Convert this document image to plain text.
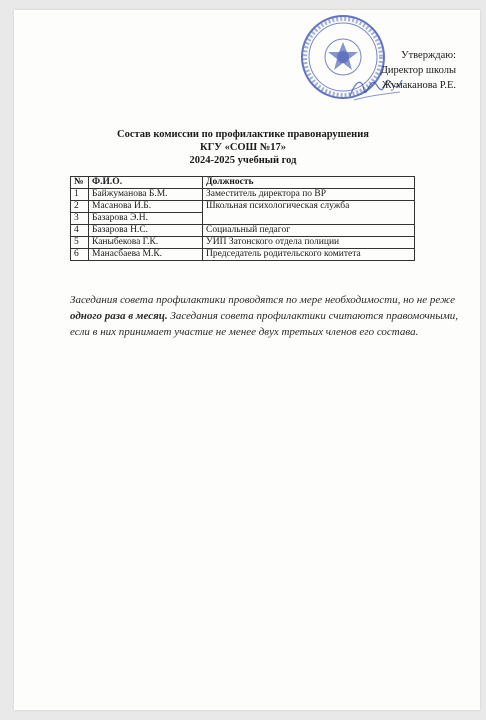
Утверждаю:
Директор школы
Жумаканова Р.Е.
Состав комиссии по профилактике правонарушения
КГУ «СОШ №17»
2024-2025 учебный год
№	Ф.И.О.	Должность
1	Байжуманова Б.М.	Заместитель директора по ВР
2	Масанова И.Б.	Школьная психологическая служба
3	Базарова Э.Н.	
4	Базарова Н.С.	Социальный педагог
5	Каныбекова Г.К.	УИП Затонского отдела полиции
6	Манасбаева М.К.	Председатель родительского комитета
Заседания совета профилактики проводятся по мере необходимости, но не реже одного раза в месяц. Заседания совета профилактики считаются правомочными, если в них принимает участие не менее двух третьих членов его состава.
